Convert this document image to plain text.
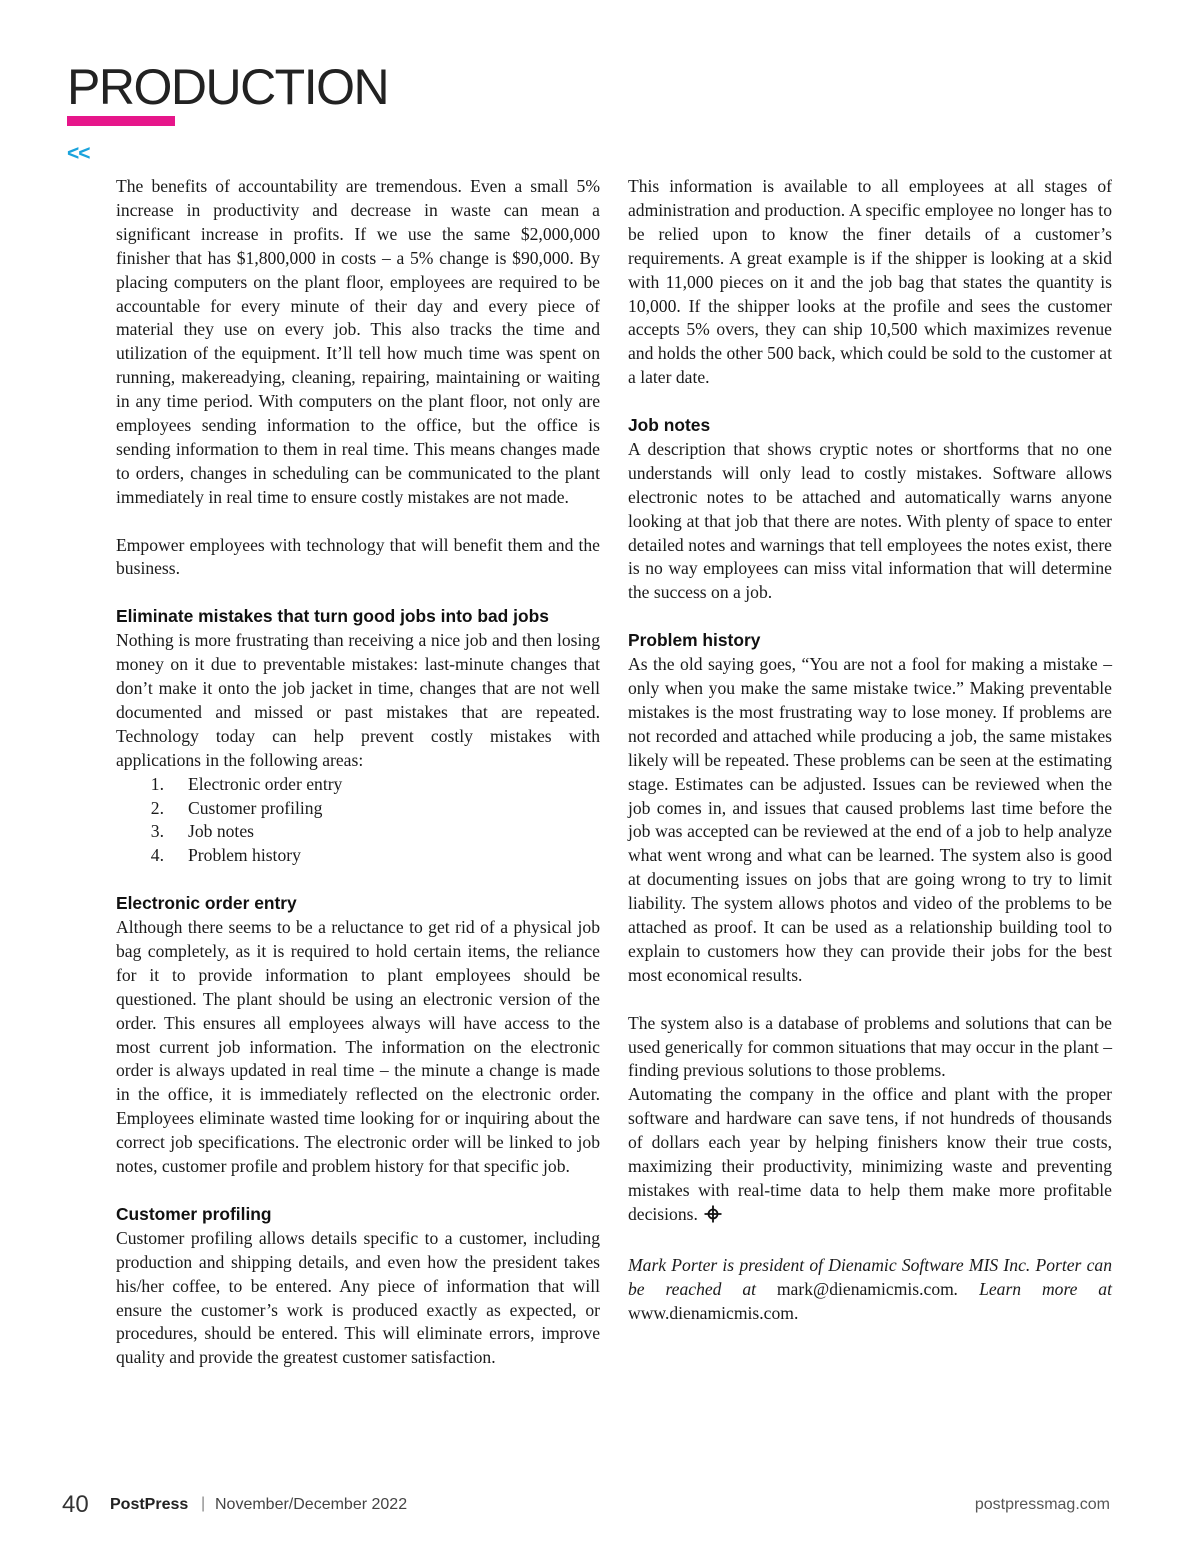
PRODUCTION
<<

The benefits of accountability are tremendous. Even a small 5% increase in productivity and decrease in waste can mean a significant increase in profits. If we use the same $2,000,000 finisher that has $1,800,000 in costs – a 5% change is $90,000. By placing computers on the plant floor, employees are required to be accountable for every minute of their day and every piece of material they use on every job. This also tracks the time and utilization of the equipment. It’ll tell how much time was spent on running, makereadying, cleaning, repairing, maintaining or waiting in any time period. With computers on the plant floor, not only are employees sending information to the office, but the office is sending information to them in real time. This means changes made to orders, changes in scheduling can be communicated to the plant immediately in real time to ensure costly mistakes are not made.

Empower employees with technology that will benefit them and the business.

Eliminate mistakes that turn good jobs into bad jobs

Nothing is more frustrating than receiving a nice job and then losing money on it due to preventable mistakes: last-minute changes that don’t make it onto the job jacket in time, changes that are not well documented and missed or past mistakes that are repeated. Technology today can help prevent costly mistakes with applications in the following areas:

1.	Electronic order entry
2.	Customer profiling
3.	Job notes
4.	Problem history
Electronic order entry

Although there seems to be a reluctance to get rid of a physical job bag completely, as it is required to hold certain items, the reliance for it to provide information to plant employees should be questioned. The plant should be using an electronic version of the order. This ensures all employees always will have access to the most current job information. The information on the electronic order is always updated in real time – the minute a change is made in the office, it is immediately reflected on the electronic order. Employees eliminate wasted time looking for or inquiring about the correct job specifications. The electronic order will be linked to job notes, customer profile and problem history for that specific job.

Customer profiling

Customer profiling allows details specific to a customer, including production and shipping details, and even how the president takes his/her coffee, to be entered. Any piece of information that will ensure the customer’s work is produced exactly as expected, or procedures, should be entered. This will eliminate errors, improve quality and provide the greatest customer satisfaction.

This information is available to all employees at all stages of administration and production. A specific employee no longer has to be relied upon to know the finer details of a customer’s requirements. A great example is if the shipper is looking at a skid with 11,000 pieces on it and the job bag that states the quantity is 10,000. If the shipper looks at the profile and sees the customer accepts 5% overs, they can ship 10,500 which maximizes revenue and holds the other 500 back, which could be sold to the customer at a later date.

Job notes

A description that shows cryptic notes or shortforms that no one understands will only lead to costly mistakes. Software allows electronic notes to be attached and automatically warns anyone looking at that job that there are notes. With plenty of space to enter detailed notes and warnings that tell employees the notes exist, there is no way employees can miss vital information that will determine the success on a job.

Problem history

As the old saying goes, “You are not a fool for making a mistake – only when you make the same mistake twice.” Making preventable mistakes is the most frustrating way to lose money. If problems are not recorded and attached while producing a job, the same mistakes likely will be repeated. These problems can be seen at the estimating stage. Estimates can be adjusted. Issues can be reviewed when the job comes in, and issues that caused problems last time before the job was accepted can be reviewed at the end of a job to help analyze what went wrong and what can be learned. The system also is good at documenting issues on jobs that are going wrong to try to limit liability. The system allows photos and video of the problems to be attached as proof. It can be used as a relationship building tool to explain to customers how they can provide their jobs for the best most economical results.

The system also is a database of problems and solutions that can be used generically for common situations that may occur in the plant – finding previous solutions to those problems.

Automating the company in the office and plant with the proper software and hardware can save tens, if not hundreds of thousands of dollars each year by helping finishers know their true costs, maximizing their productivity, minimizing waste and preventing mistakes with real-time data to help them make more profitable decisions.

Mark Porter is president of Dienamic Software MIS Inc. Porter can be reached at mark@dienamicmis.com. Learn more at www.dienamicmis.com.

40 PostPress | November/December 2022	postpressmag.com
